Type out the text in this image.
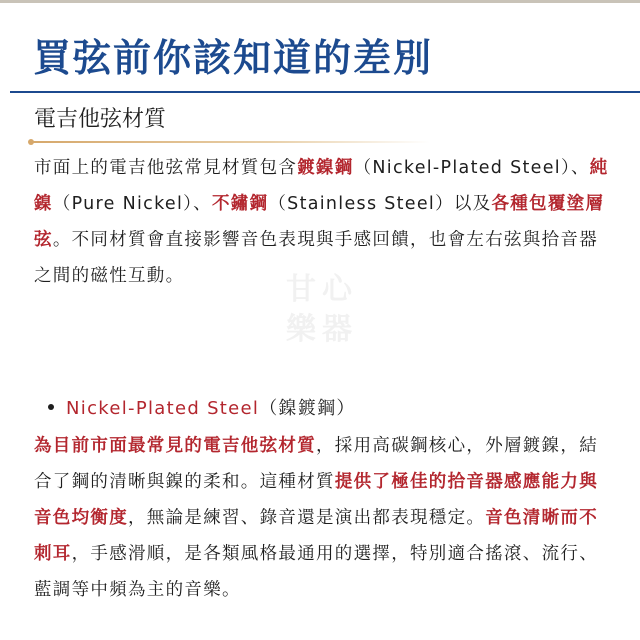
買弦前你該知道的差別
電吉他弦材質

市面上的電吉他弦常見材質包含鍍鎳鋼（Nickel-Plated Steel）、純鎳（Pure Nickel）、不鏽鋼（Stainless Steel）以及各種包覆塗層弦。不同材質會直接影響音色表現與手感回饋，也會左右弦與拾音器之間的磁性互動。	甘心樂器
Nickel-Plated Steel（鎳鍍鋼）

為目前市面最常見的電吉他弦材質，採用高碳鋼核心，外層鍍鎳，結合了鋼的清晰與鎳的柔和。這種材質提供了極佳的拾音器感應能力與音色均衡度，無論是練習、錄音還是演出都表現穩定。音色清晰而不刺耳，手感滑順，是各類風格最通用的選擇，特別適合搖滾、流行、藍調等中頻為主的音樂。
